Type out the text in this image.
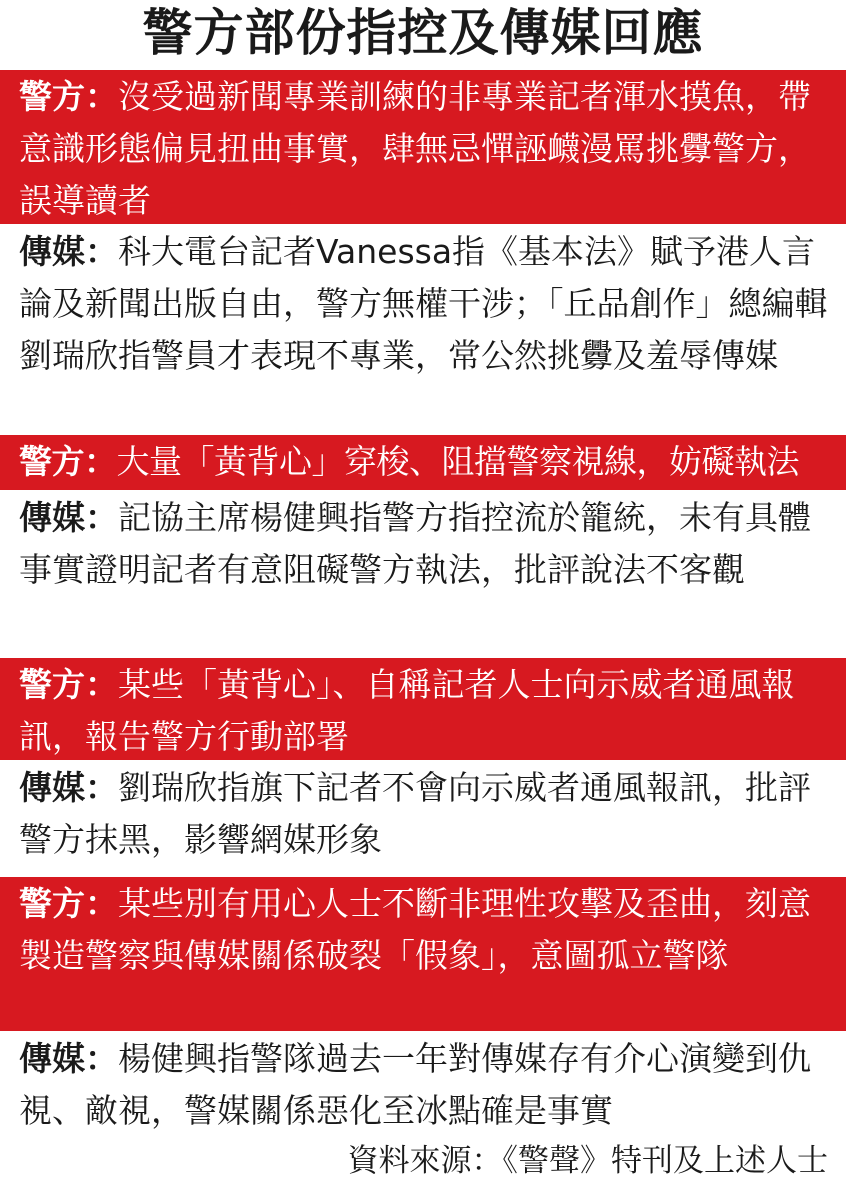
警方部份指控及傳媒回應
警方：沒受過新聞專業訓練的非專業記者渾水摸魚，帶意識形態偏見扭曲事實，肆無忌憚誣衊漫罵挑釁警方，誤導讀者
傳媒：科大電台記者Vanessa指《基本法》賦予港人言論及新聞出版自由，警方無權干涉；「丘品創作」總編輯劉瑞欣指警員才表現不專業，常公然挑釁及羞辱傳媒
警方：大量「黃背心」穿梭、阻擋警察視線，妨礙執法
傳媒：記協主席楊健興指警方指控流於籠統，未有具體事實證明記者有意阻礙警方執法，批評說法不客觀
警方：某些「黃背心」、自稱記者人士向示威者通風報訊，報告警方行動部署
傳媒：劉瑞欣指旗下記者不會向示威者通風報訊，批評警方抹黑，影響網媒形象
警方：某些別有用心人士不斷非理性攻擊及歪曲，刻意製造警察與傳媒關係破裂「假象」，意圖孤立警隊
傳媒：楊健興指警隊過去一年對傳媒存有介心演變到仇視、敵視，警媒關係惡化至冰點確是事實
資料來源：《警聲》特刊及上述人士
